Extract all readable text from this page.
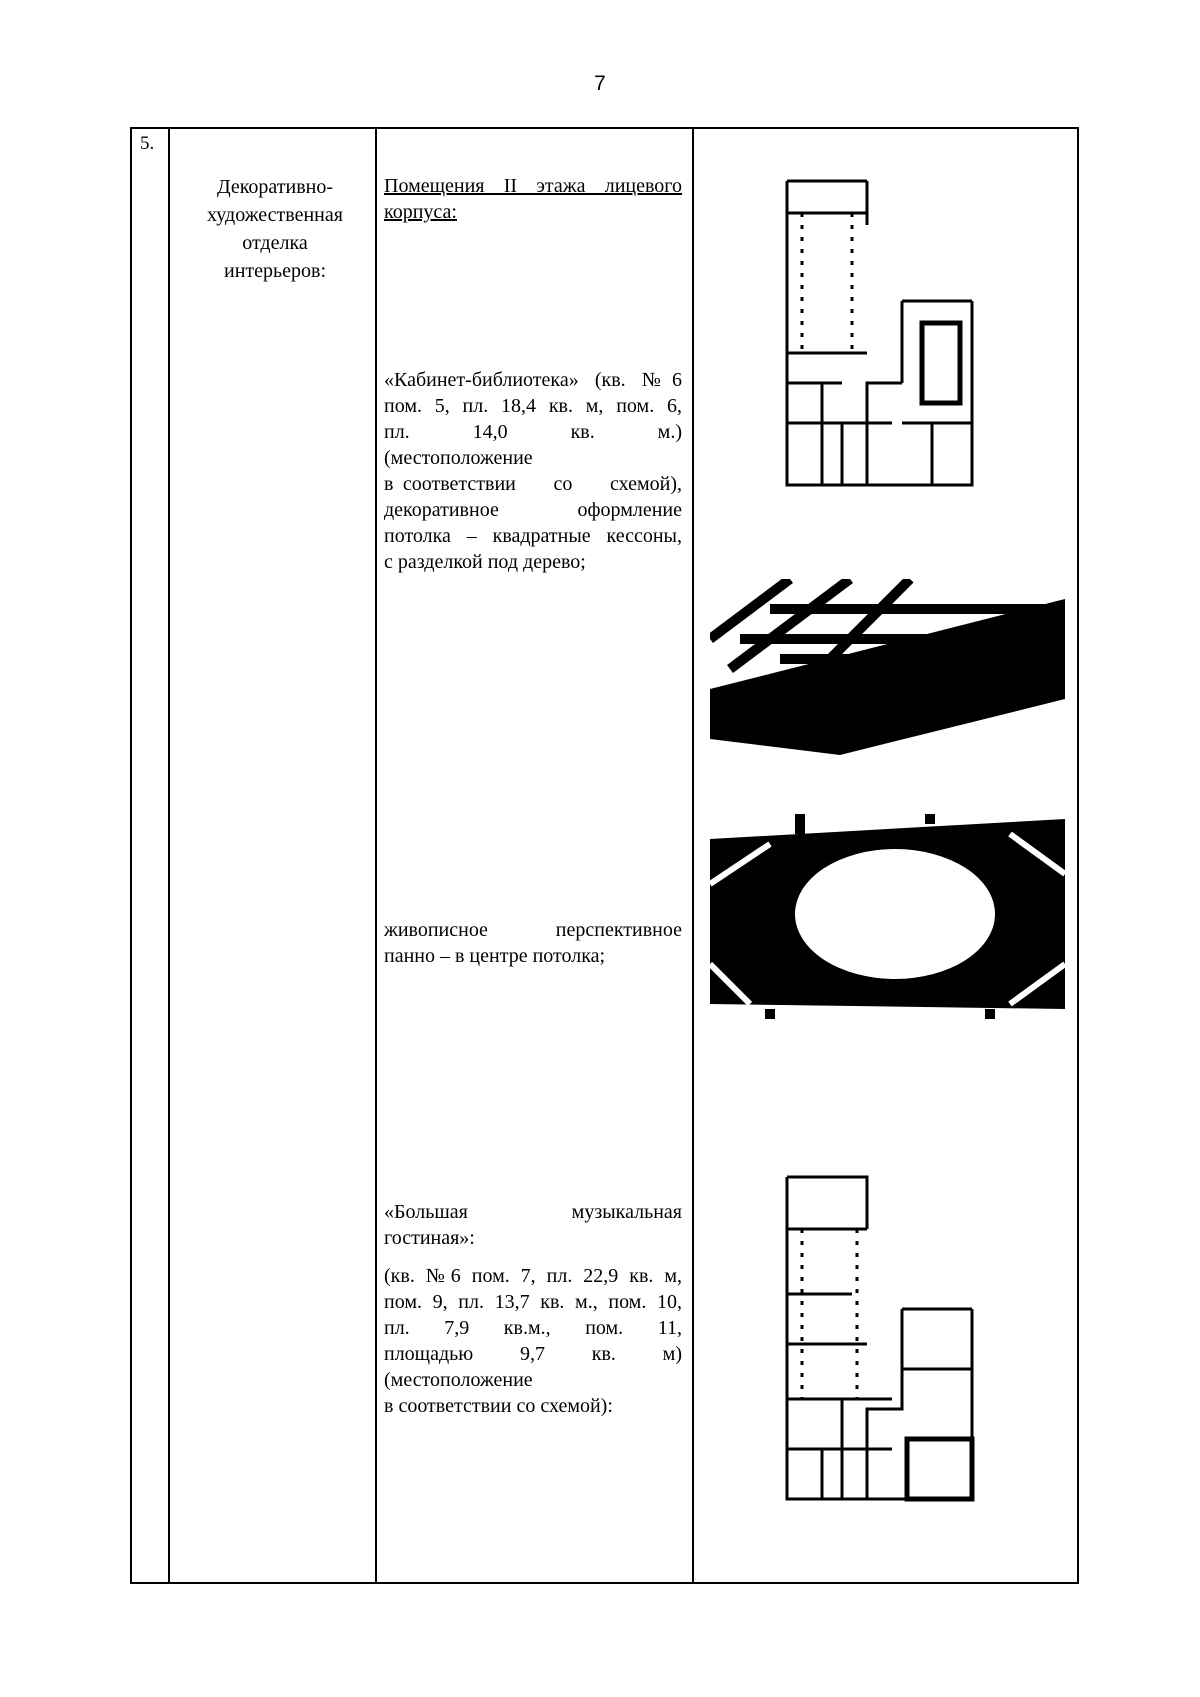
7
5.
Декоративно-
художественная
отделка
интерьеров:
Помещения II этажа лицевого
корпуса:
«Кабинет-библиотека» (кв. №6
пом. 5, пл. 18,4 кв. м, пом. 6,
пл.       14,0       кв.       м.)
(местоположение
в соответствии    со    схемой),
декоративное     оформление
потолка – квадратные кессоны,
с разделкой под дерево;
живописное      перспективное
панно – в центре потолка;
«Большая          музыкальная
гостиная»:
(кв. №6 пом. 7, пл. 22,9 кв. м,
пом. 9, пл. 13,7 кв. м., пом. 10,
пл.    7,9    кв.м.,    пом.    11,
площадью     9,7     кв.     м)
(местоположение
в соответствии со схемой):
